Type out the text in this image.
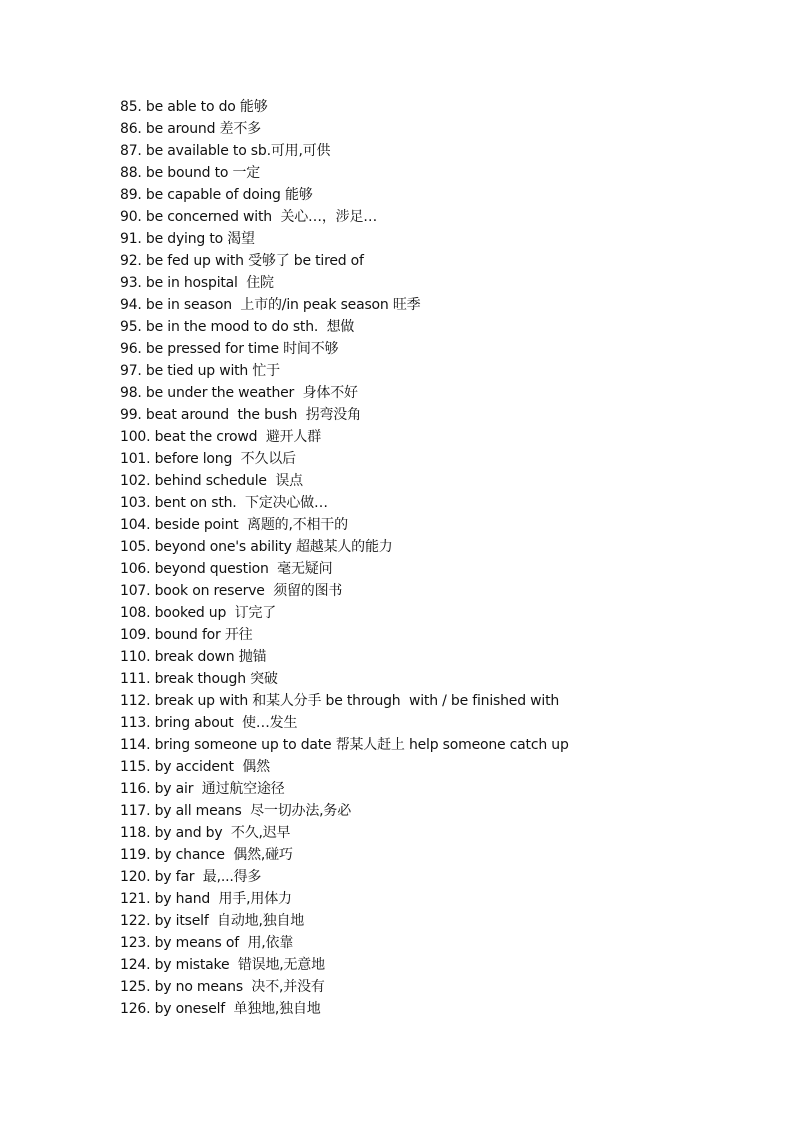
85. be able to do 能够
86. be around 差不多
87. be available to sb.可用,可供
88. be bound to 一定
89. be capable of doing 能够
90. be concerned with  关心…，涉足…
91. be dying to 渴望
92. be fed up with 受够了 be tired of
93. be in hospital  住院
94. be in season  上市的/in peak season 旺季
95. be in the mood to do sth.  想做
96. be pressed for time 时间不够
97. be tied up with 忙于
98. be under the weather  身体不好
99. beat around  the bush  拐弯没角
100. beat the crowd  避开人群
101. before long  不久以后
102. behind schedule  误点
103. bent on sth.  下定决心做…
104. beside point  离题的,不相干的
105. beyond one's ability 超越某人的能力
106. beyond question  毫无疑问
107. book on reserve  须留的图书
108. booked up  订完了
109. bound for 开往
110. break down 抛锚
111. break though 突破
112. break up with 和某人分手 be through  with / be finished with
113. bring about  使…发生
114. bring someone up to date 帮某人赶上 help someone catch up
115. by accident  偶然
116. by air  通过航空途径
117. by all means  尽一切办法,务必
118. by and by  不久,迟早
119. by chance  偶然,碰巧
120. by far  最,...得多
121. by hand  用手,用体力
122. by itself  自动地,独自地
123. by means of  用,依靠
124. by mistake  错误地,无意地
125. by no means  决不,并没有
126. by oneself  单独地,独自地
